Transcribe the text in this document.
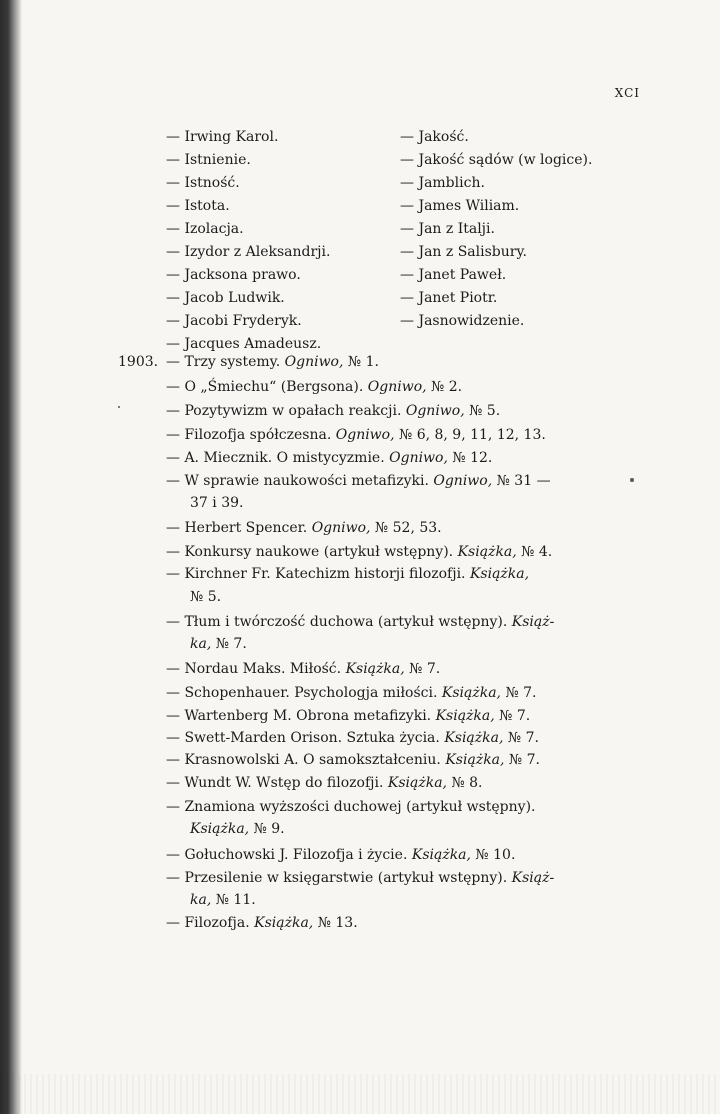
XCI
— Irwing Karol.
— Istnienie.
— Istność.
— Istota.
— Izolacja.
— Izydor z Aleksandrji.
— Jacksona prawo.
— Jacob Ludwik.
— Jacobi Fryderyk.
— Jacques Amadeusz.
— Jakość.
— Jakość sądów (w logice).
— Jamblich.
— James Wiliam.
— Jan z Italji.
— Jan z Salisbury.
— Janet Paweł.
— Janet Piotr.
— Jasnowidzenie.
1903. — Trzy systemy. Ogniwo, № 1.
— O „Śmiechu“ (Bergsona). Ogniwo, № 2.
— Pozytywizm w opałach reakcji. Ogniwo, № 5.
— Filozofja spółczesna. Ogniwo, № 6, 8, 9, 11, 12, 13.
— A. Miecznik. O mistycyzmie. Ogniwo, № 12.
— W sprawie naukowości metafizyki. Ogniwo, № 31 —
37 i 39.
— Herbert Spencer. Ogniwo, № 52, 53.
— Konkursy naukowe (artykuł wstępny). Książka, № 4.
— Kirchner Fr. Katechizm historji filozofji. Książka,
№ 5.
— Tłum i twórczość duchowa (artykuł wstępny). Książ-
ka, № 7.
— Nordau Maks. Miłość. Książka, № 7.
— Schopenhauer. Psychologja miłości. Książka, № 7.
— Wartenberg M. Obrona metafizyki. Książka, № 7.
— Swett-Marden Orison. Sztuka życia. Książka, № 7.
— Krasnowolski A. O samokształceniu. Książka, № 7.
— Wundt W. Wstęp do filozofji. Książka, № 8.
— Znamiona wyższości duchowej (artykuł wstępny).
Książka, № 9.
— Gołuchowski J. Filozofja i życie. Książka, № 10.
— Przesilenie w księgarstwie (artykuł wstępny). Książ-
ka, № 11.
— Filozofja. Książka, № 13.
